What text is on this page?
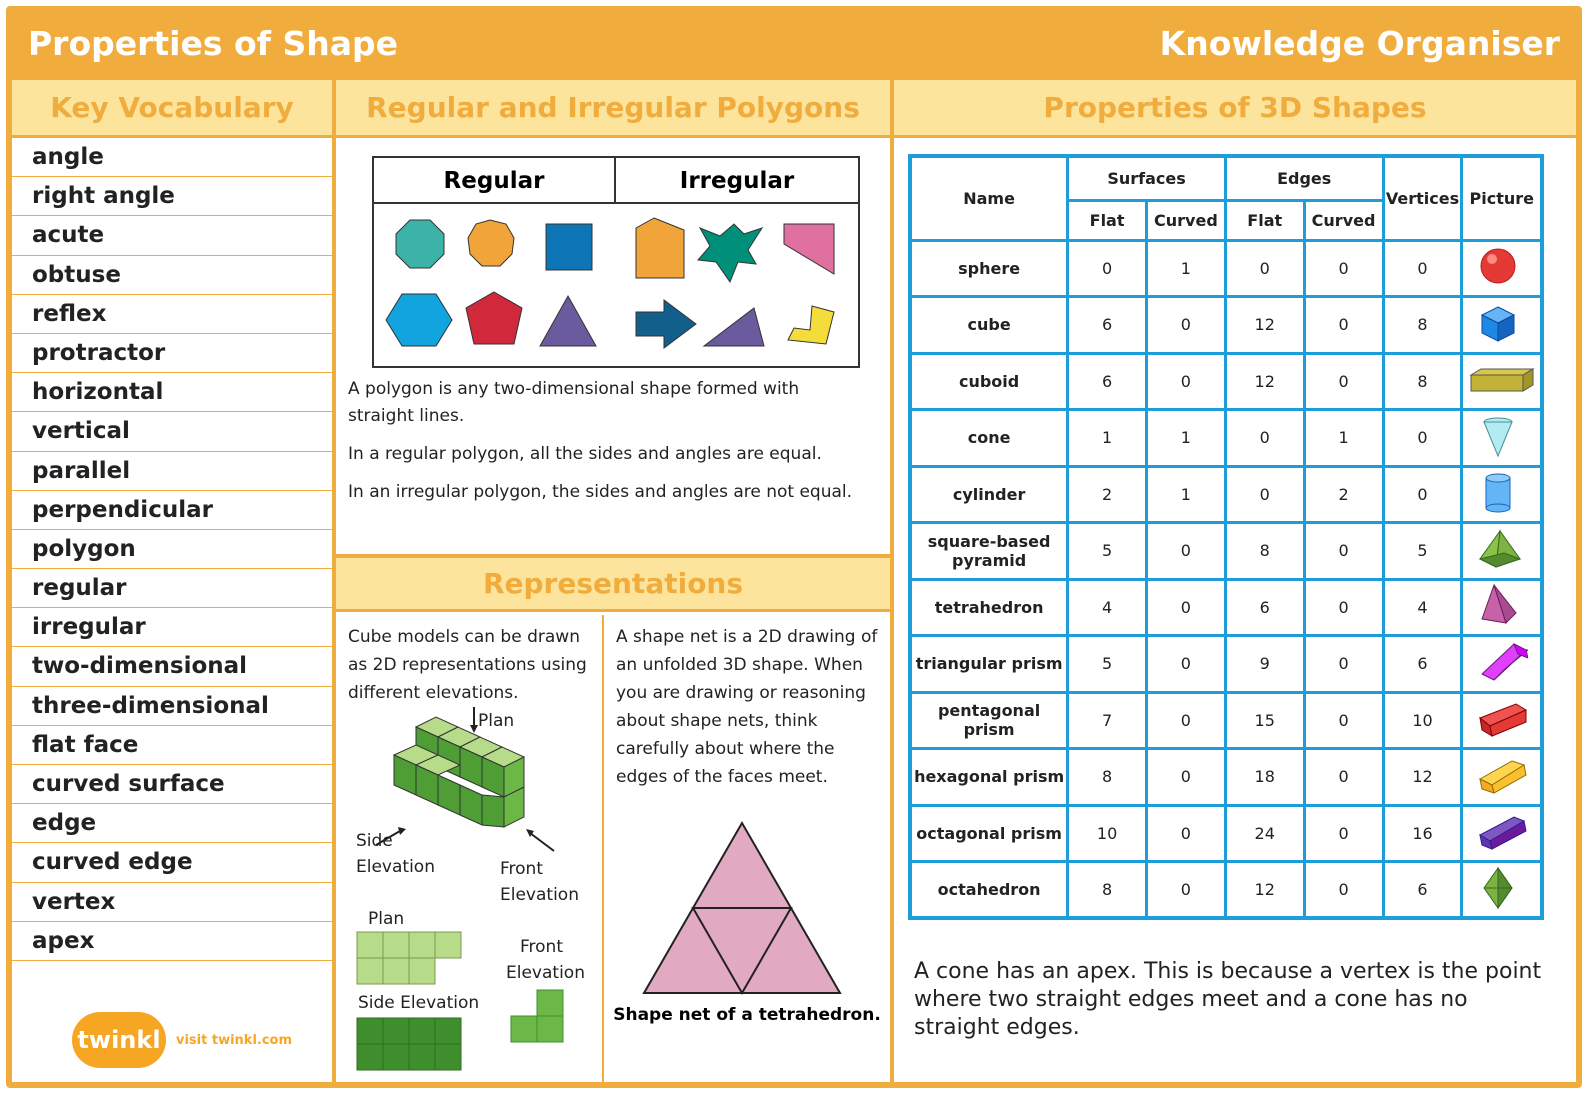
Properties of Shape	Knowledge Organiser
Key Vocabulary
angle
right angle
acute
obtuse
reflex
protractor
horizontal
vertical
parallel
perpendicular
polygon
regular
irregular
two-dimensional
three-dimensional
flat face
curved surface
edge
curved edge
vertex
apex
twinkl	visit twinkl.com
Regular and Irregular Polygons
Regular	Irregular

A polygon is any two-dimensional shape formed with straight lines.

In a regular polygon, all the sides and angles are equal.

In an irregular polygon, the sides and angles are not equal.

Representations
Cube models can be drawn as 2D representations using different elevations.
Plan
Side
Elevation	Front
Elevation
Plan
Side Elevation
Front
Elevation
A shape net is a 2D drawing of an unfolded 3D shape. When you are drawing or reasoning about shape nets, think carefully about where the edges of the faces meet.
Shape net of a tetrahedron.
Properties of 3D Shapes
Name	Surfaces		Edges		Vertices	Picture
	Flat	Curved	Flat	Curved		
sphere	0	1	0	0	0	
cube	6	0	12	0	8	
cuboid	6	0	12	0	8	
cone	1	1	0	1	0	
cylinder	2	1	0	2	0	
square-based pyramid	5	0	8	0	5	
tetrahedron	4	0	6	0	4	
triangular prism	5	0	9	0	6	
pentagonal prism	7	0	15	0	10	
hexagonal prism	8	0	18	0	12	
octagonal prism	10	0	24	0	16	
octahedron	8	0	12	0	6	
A cone has an apex. This is because a vertex is the point where two straight edges meet and a cone has no straight edges.
